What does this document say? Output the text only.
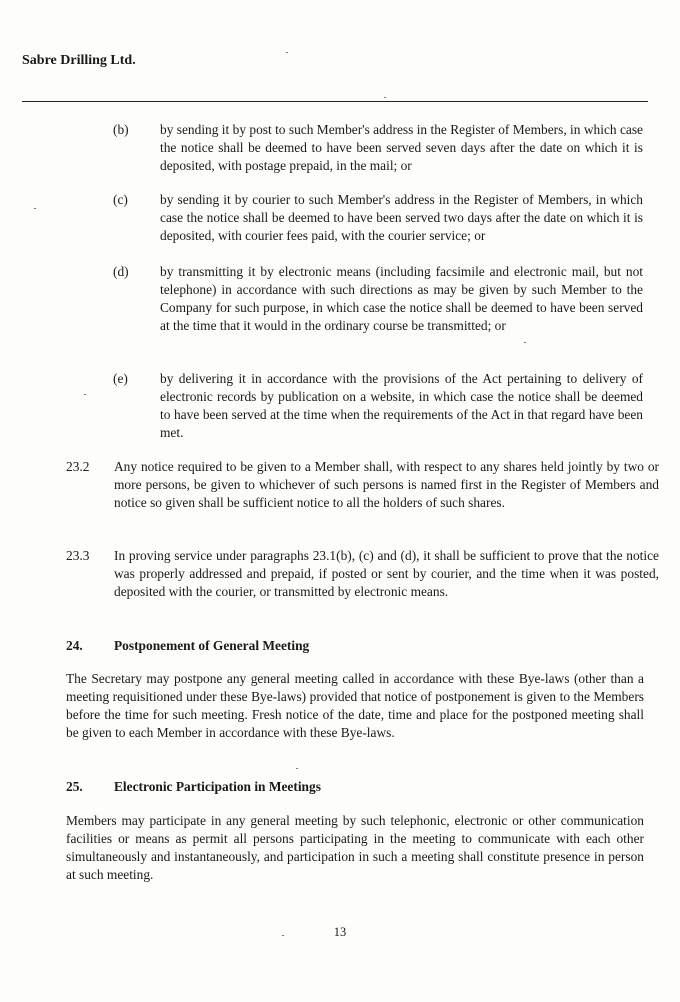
Sabre Drilling Ltd.
(b) by sending it by post to such Member's address in the Register of Members, in which case the notice shall be deemed to have been served seven days after the date on which it is deposited, with postage prepaid, in the mail; or
(c) by sending it by courier to such Member's address in the Register of Members, in which case the notice shall be deemed to have been served two days after the date on which it is deposited, with courier fees paid, with the courier service; or
(d) by transmitting it by electronic means (including facsimile and electronic mail, but not telephone) in accordance with such directions as may be given by such Member to the Company for such purpose, in which case the notice shall be deemed to have been served at the time that it would in the ordinary course be transmitted; or
(e) by delivering it in accordance with the provisions of the Act pertaining to delivery of electronic records by publication on a website, in which case the notice shall be deemed to have been served at the time when the requirements of the Act in that regard have been met.
23.2 Any notice required to be given to a Member shall, with respect to any shares held jointly by two or more persons, be given to whichever of such persons is named first in the Register of Members and notice so given shall be sufficient notice to all the holders of such shares.
23.3 In proving service under paragraphs 23.1(b), (c) and (d), it shall be sufficient to prove that the notice was properly addressed and prepaid, if posted or sent by courier, and the time when it was posted, deposited with the courier, or transmitted by electronic means.
24. Postponement of General Meeting
The Secretary may postpone any general meeting called in accordance with these Bye-laws (other than a meeting requisitioned under these Bye-laws) provided that notice of postponement is given to the Members before the time for such meeting. Fresh notice of the date, time and place for the postponed meeting shall be given to each Member in accordance with these Bye-laws.
25. Electronic Participation in Meetings
Members may participate in any general meeting by such telephonic, electronic or other communication facilities or means as permit all persons participating in the meeting to communicate with each other simultaneously and instantaneously, and participation in such a meeting shall constitute presence in person at such meeting.
13
